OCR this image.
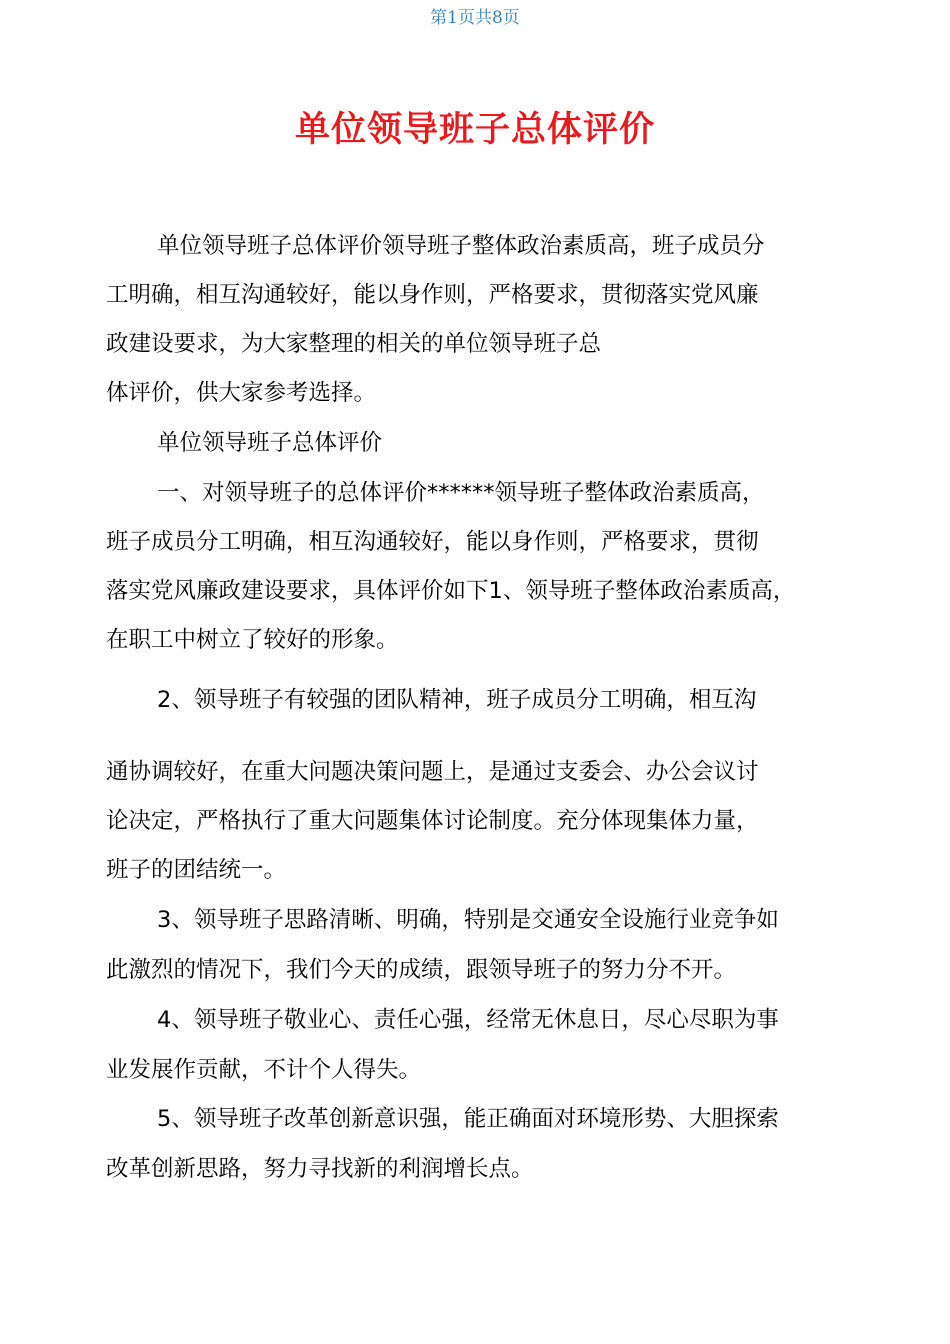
第1页共8页
单位领导班子总体评价
单位领导班子总体评价领导班子整体政治素质高，班子成员分
工明确，相互沟通较好，能以身作则，严格要求，贯彻落实党风廉
政建设要求，为大家整理的相关的单位领导班子总
体评价，供大家参考选择。
单位领导班子总体评价
一、对领导班子的总体评价******领导班子整体政治素质高，
班子成员分工明确，相互沟通较好，能以身作则，严格要求，贯彻
落实党风廉政建设要求，具体评价如下1、领导班子整体政治素质高，
在职工中树立了较好的形象。
2、领导班子有较强的团队精神，班子成员分工明确，相互沟
通协调较好，在重大问题决策问题上，是通过支委会、办公会议讨
论决定，严格执行了重大问题集体讨论制度。充分体现集体力量，
班子的团结统一。
3、领导班子思路清晰、明确，特别是交通安全设施行业竞争如
此激烈的情况下，我们今天的成绩，跟领导班子的努力分不开。
4、领导班子敬业心、责任心强，经常无休息日，尽心尽职为事
业发展作贡献，不计个人得失。
5、领导班子改革创新意识强，能正确面对环境形势、大胆探索
改革创新思路，努力寻找新的利润增长点。
